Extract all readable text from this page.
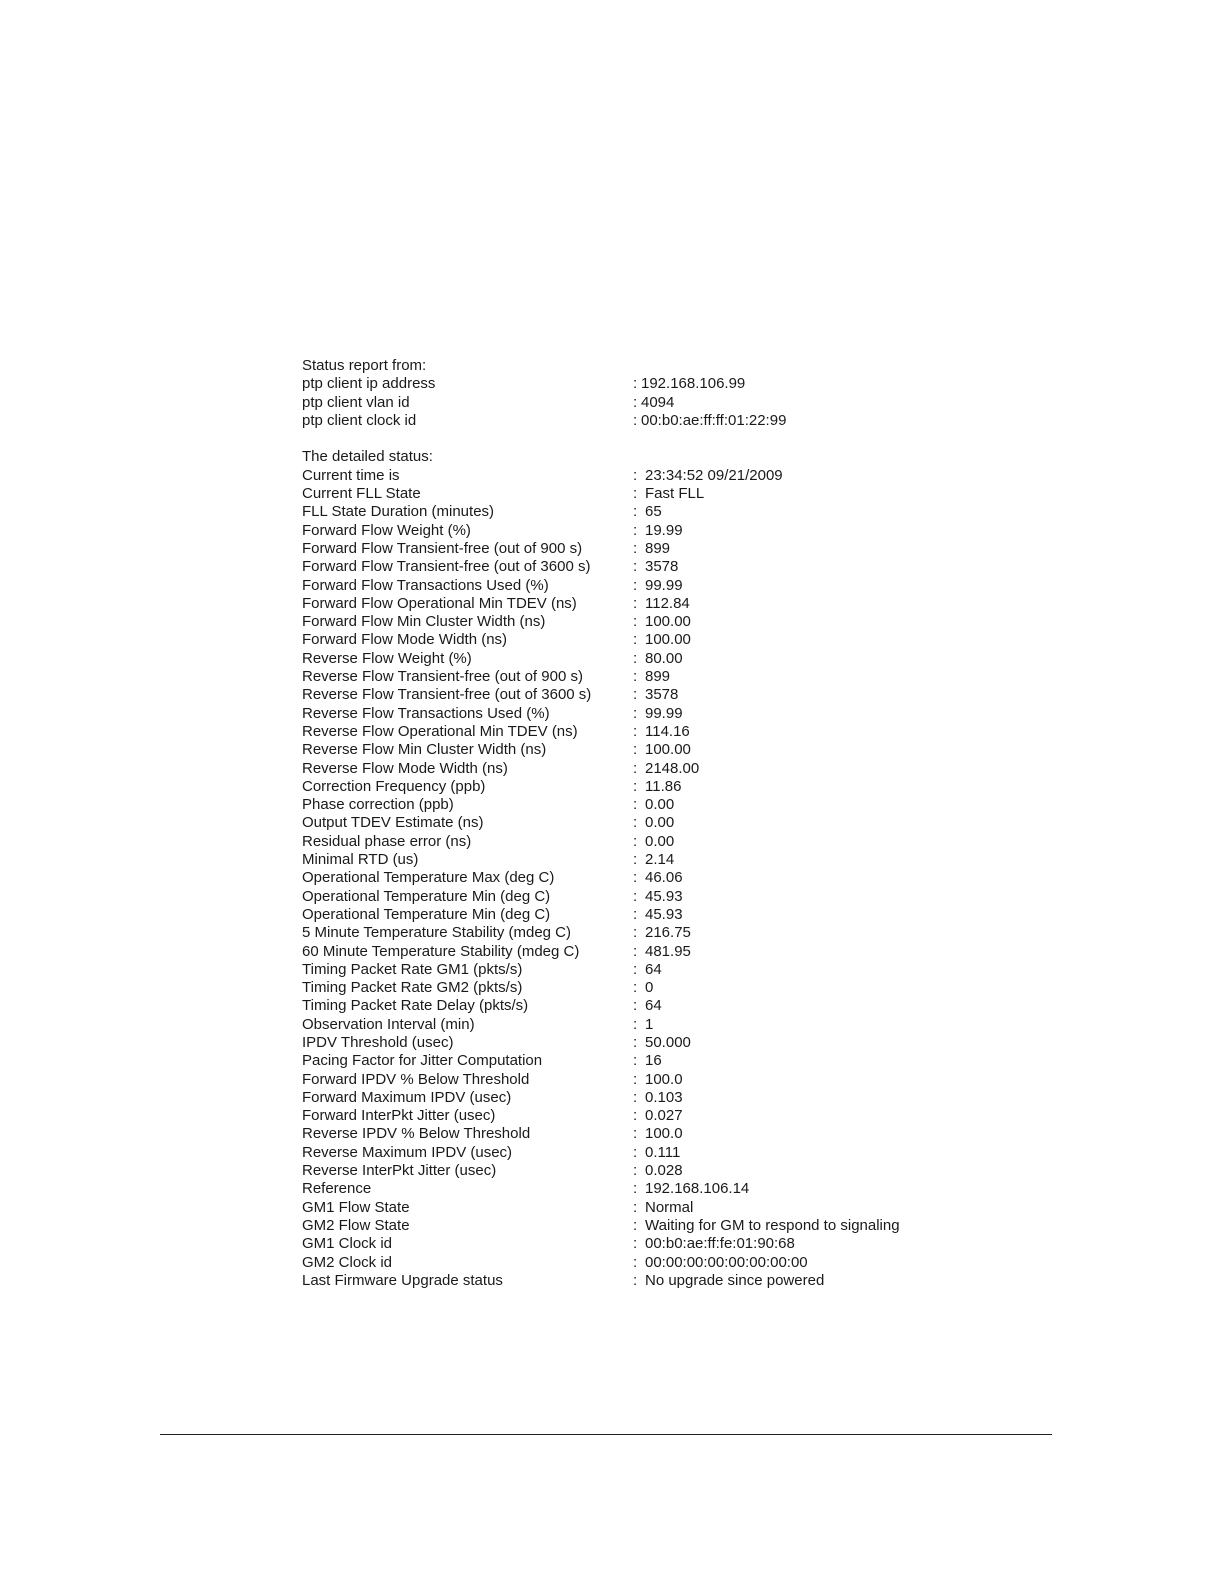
Status report from:
ptp client ip address	: 192.168.106.99
ptp client vlan id	: 4094
ptp client clock id	: 00:b0:ae:ff:ff:01:22:99
The detailed status:
Current time is	: 23:34:52 09/21/2009
Current FLL State	: Fast FLL
FLL State Duration (minutes)	: 65
Forward Flow Weight (%)	: 19.99
Forward Flow Transient-free (out of 900 s)	: 899
Forward Flow Transient-free (out of 3600 s)	: 3578
Forward Flow Transactions Used (%)	: 99.99
Forward Flow Operational Min TDEV (ns)	: 112.84
Forward Flow Min Cluster Width (ns)	: 100.00
Forward Flow Mode Width (ns)	: 100.00
Reverse Flow Weight (%)	: 80.00
Reverse Flow Transient-free (out of 900 s)	: 899
Reverse Flow Transient-free (out of 3600 s)	: 3578
Reverse Flow Transactions Used (%)	: 99.99
Reverse Flow Operational Min TDEV (ns)	: 114.16
Reverse Flow Min Cluster Width (ns)	: 100.00
Reverse Flow Mode Width (ns)	: 2148.00
Correction Frequency (ppb)	: 11.86
Phase correction (ppb)	: 0.00
Output TDEV Estimate (ns)	: 0.00
Residual phase error (ns)	: 0.00
Minimal RTD (us)	: 2.14
Operational Temperature Max (deg C)	: 46.06
Operational Temperature Min (deg C)	: 45.93
Operational Temperature Min (deg C)	: 45.93
5 Minute Temperature Stability (mdeg C)	: 216.75
60 Minute Temperature Stability (mdeg C)	: 481.95
Timing Packet Rate GM1 (pkts/s)	: 64
Timing Packet Rate GM2 (pkts/s)	: 0
Timing Packet Rate Delay (pkts/s)	: 64
Observation Interval (min)	: 1
IPDV Threshold (usec)	: 50.000
Pacing Factor for Jitter Computation	: 16
Forward IPDV % Below Threshold	: 100.0
Forward Maximum IPDV (usec)	: 0.103
Forward InterPkt Jitter (usec)	: 0.027
Reverse IPDV % Below Threshold	: 100.0
Reverse Maximum IPDV (usec)	: 0.111
Reverse InterPkt Jitter (usec)	: 0.028
Reference	: 192.168.106.14
GM1 Flow State	: Normal
GM2 Flow State	: Waiting for GM to respond to signaling
GM1 Clock id	: 00:b0:ae:ff:fe:01:90:68
GM2 Clock id	: 00:00:00:00:00:00:00:00
Last Firmware Upgrade status	: No upgrade since powered
